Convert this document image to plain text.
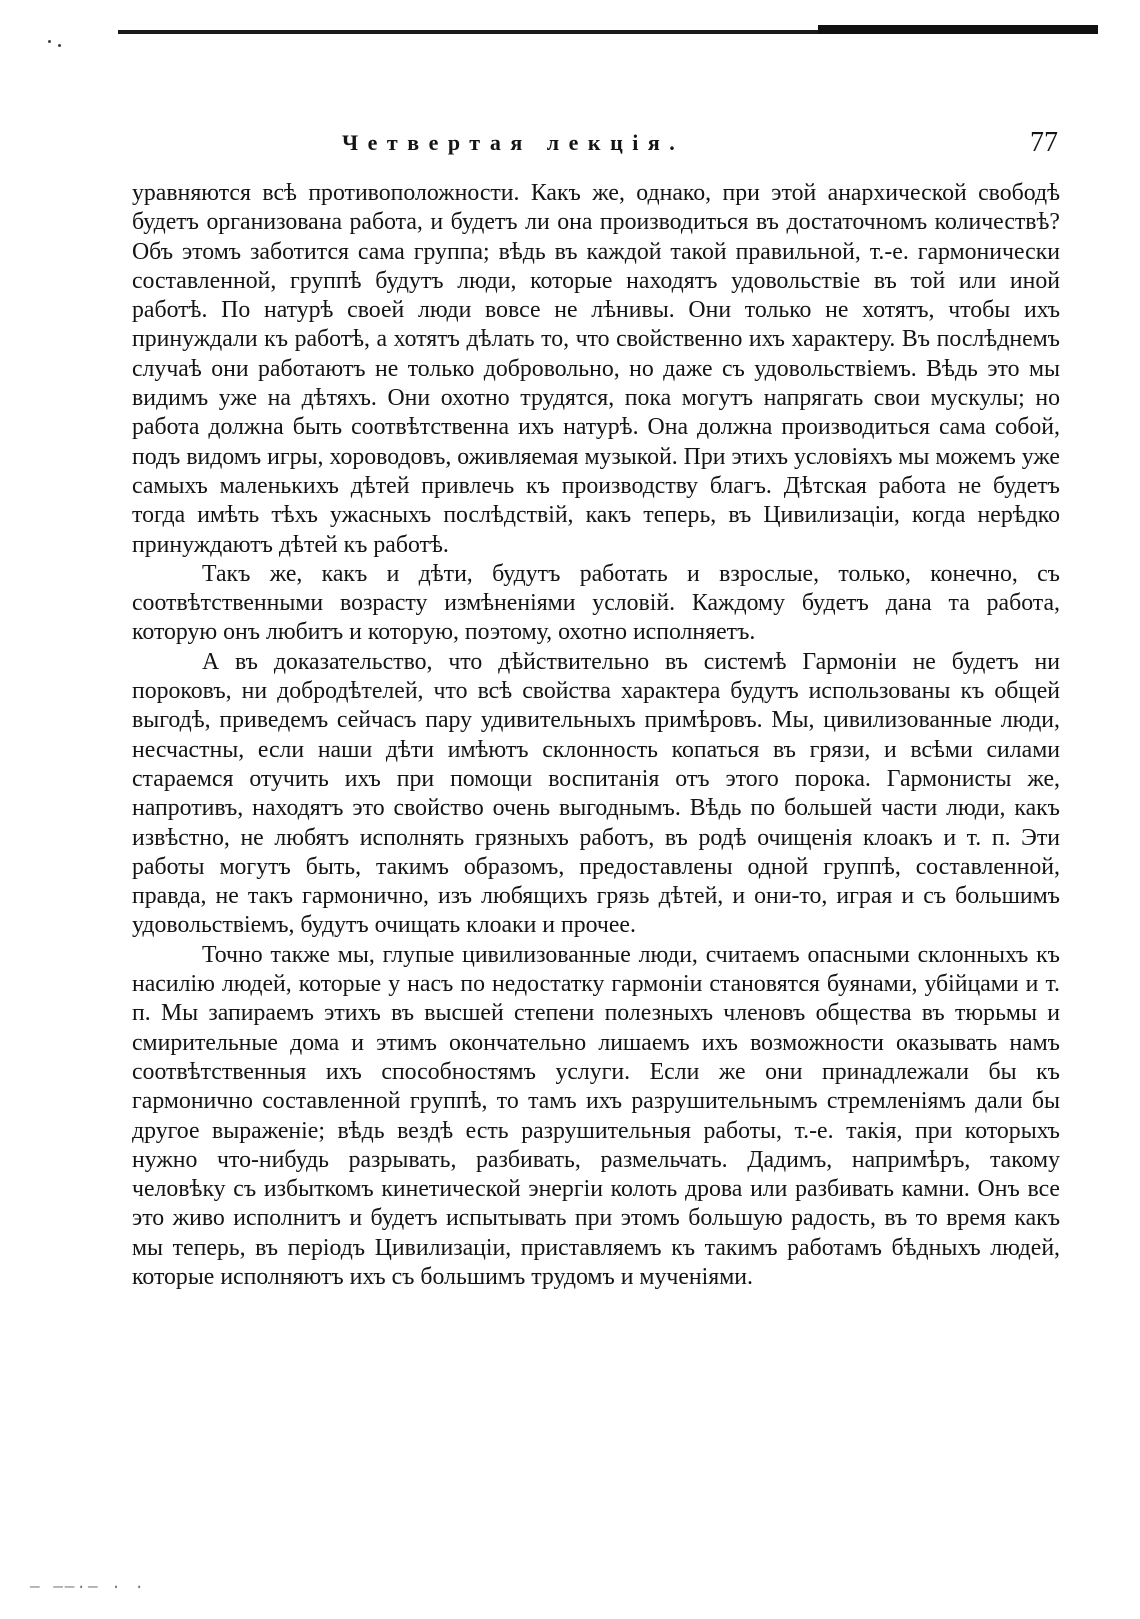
Четвертая лекція.	77

уравняются всѣ противоположности. Какъ же, однако, при этой анархической свободѣ будетъ организована работа, и будетъ ли она производиться въ достаточномъ количествѣ? Объ этомъ заботится сама группа; вѣдь въ каждой такой правильной, т.-е. гармонически составленной, группѣ будутъ люди, которые находятъ удовольствіе въ той или иной работѣ. По натурѣ своей люди вовсе не лѣнивы. Они только не хотятъ, чтобы ихъ принуждали къ работѣ, а хотятъ дѣлать то, что свойственно ихъ характеру. Въ послѣднемъ случаѣ они работаютъ не только добровольно, но даже съ удовольствіемъ. Вѣдь это мы видимъ уже на дѣтяхъ. Они охотно трудятся, пока могутъ напрягать свои мускулы; но работа должна быть соотвѣтственна ихъ натурѣ. Она должна производиться сама собой, подъ видомъ игры, хороводовъ, оживляемая музыкой. При этихъ условіяхъ мы можемъ уже самыхъ маленькихъ дѣтей привлечь къ производству благъ. Дѣтская работа не будетъ тогда имѣть тѣхъ ужасныхъ послѣдствій, какъ теперь, въ Цивилизаціи, когда нерѣдко принуждаютъ дѣтей къ работѣ.

Такъ же, какъ и дѣти, будутъ работать и взрослые, только, конечно, съ соотвѣтственными возрасту измѣненіями условій. Каждому будетъ дана та работа, которую онъ любитъ и которую, поэтому, охотно исполняетъ.

А въ доказательство, что дѣйствительно въ системѣ Гармоніи не будетъ ни пороковъ, ни добродѣтелей, что всѣ свойства характера будутъ использованы къ общей выгодѣ, приведемъ сейчасъ пару удивительныхъ примѣровъ. Мы, цивилизованные люди, несчастны, если наши дѣти имѣютъ склонность копаться въ грязи, и всѣми силами стараемся отучить ихъ при помощи воспитанія отъ этого порока. Гармонисты же, напротивъ, находятъ это свойство очень выгоднымъ. Вѣдь по большей части люди, какъ извѣстно, не любятъ исполнять грязныхъ работъ, въ родѣ очищенія клоакъ и т. п. Эти работы могутъ быть, такимъ образомъ, предоставлены одной группѣ, составленной, правда, не такъ гармонично, изъ любящихъ грязь дѣтей, и они-то, играя и съ большимъ удовольствіемъ, будутъ очищать клоаки и прочее.

Точно также мы, глупые цивилизованные люди, считаемъ опасными склонныхъ къ насилію людей, которые у насъ по недостатку гармоніи становятся буянами, убійцами и т. п. Мы запираемъ этихъ въ высшей степени полезныхъ членовъ общества въ тюрьмы и смирительные дома и этимъ окончательно лишаемъ ихъ возможности оказывать намъ соотвѣтственныя ихъ способностямъ услуги. Если же они принадлежали бы къ гармонично составленной группѣ, то тамъ ихъ разрушительнымъ стремленіямъ дали бы другое выраженіе; вѣдь вездѣ есть разрушительныя работы, т.-е. такія, при которыхъ нужно что-нибудь разрывать, разбивать, размельчать. Дадимъ, напримѣръ, такому человѣку съ избыткомъ кинетической энергіи колоть дрова или разбивать камни. Онъ все это живо исполнитъ и будетъ испытывать при этомъ большую радость, въ то время какъ мы теперь, въ періодъ Цивилизаціи, приставляемъ къ такимъ работамъ бѣдныхъ людей, которые исполняютъ ихъ съ большимъ трудомъ и мученіями.

— ——·— · ·
